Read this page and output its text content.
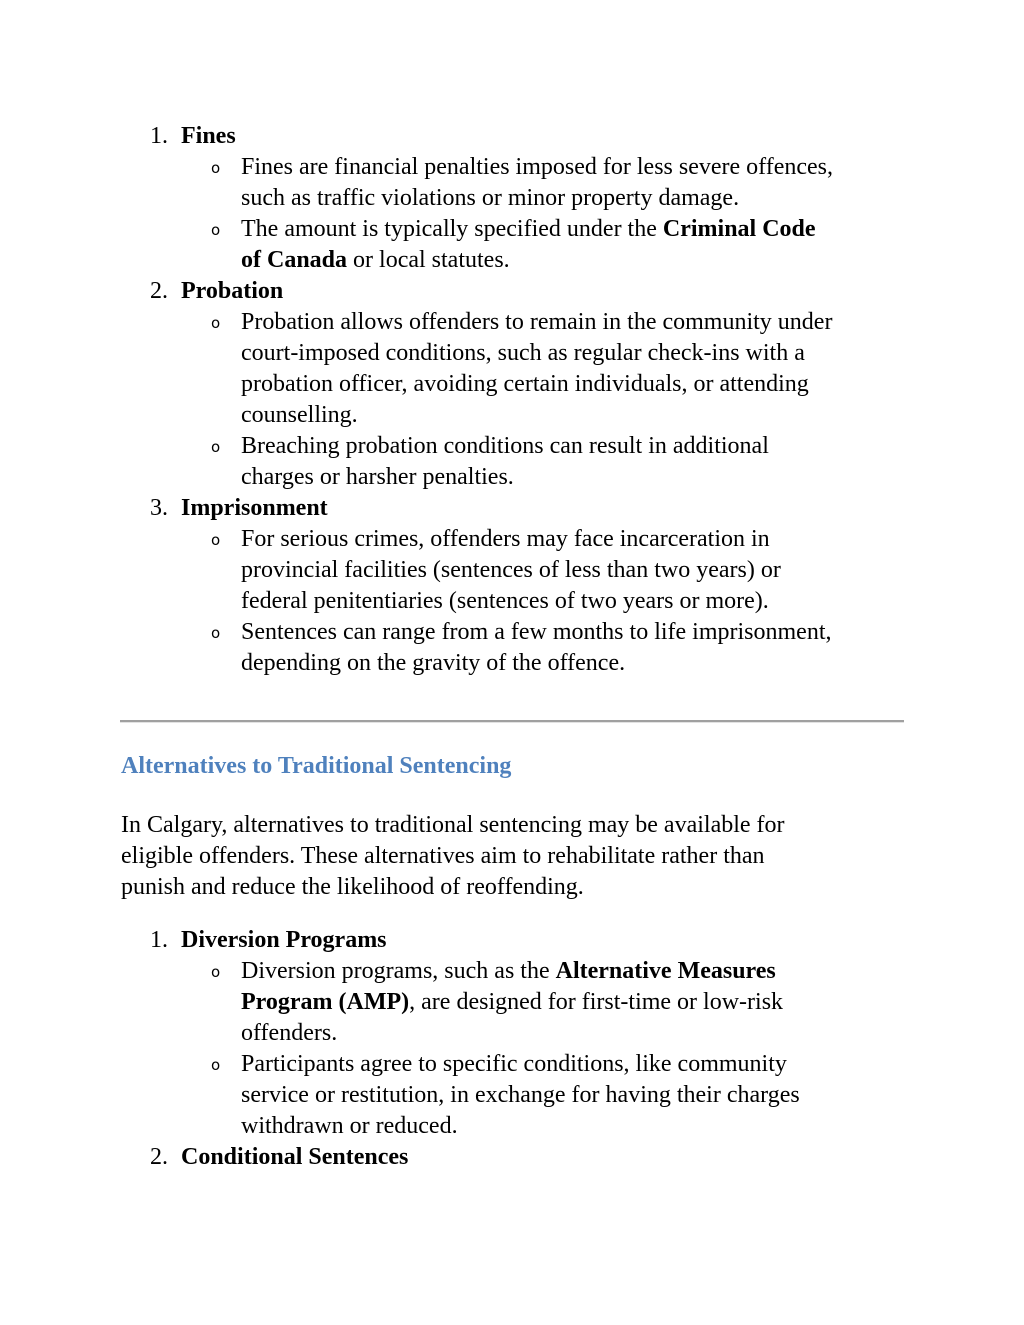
1. Fines
o Fines are financial penalties imposed for less severe offences,
such as traffic violations or minor property damage.
o The amount is typically specified under the Criminal Code
of Canada or local statutes.
2. Probation
o Probation allows offenders to remain in the community under
court-imposed conditions, such as regular check-ins with a
probation officer, avoiding certain individuals, or attending
counselling.
o Breaching probation conditions can result in additional
charges or harsher penalties.
3. Imprisonment
o For serious crimes, offenders may face incarceration in
provincial facilities (sentences of less than two years) or
federal penitentiaries (sentences of two years or more).
o Sentences can range from a few months to life imprisonment,
depending on the gravity of the offence.
Alternatives to Traditional Sentencing
In Calgary, alternatives to traditional sentencing may be available for
eligible offenders. These alternatives aim to rehabilitate rather than
punish and reduce the likelihood of reoffending.
1. Diversion Programs
o Diversion programs, such as the Alternative Measures
Program (AMP), are designed for first-time or low-risk
offenders.
o Participants agree to specific conditions, like community
service or restitution, in exchange for having their charges
withdrawn or reduced.
2. Conditional Sentences
